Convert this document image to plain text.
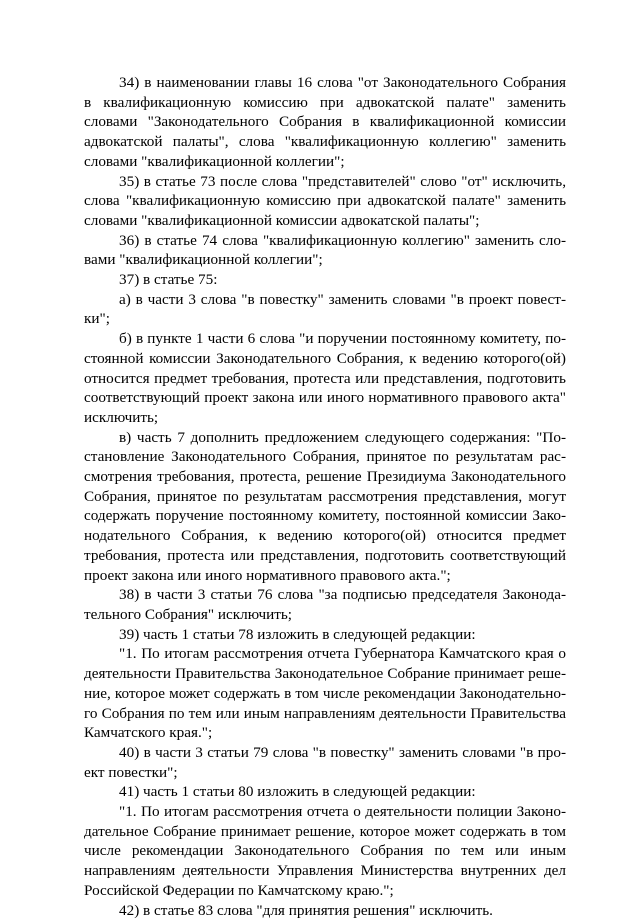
34) в наименовании главы 16 слова "от Законодательного Собрания в квалификационную комиссию при адвокатской палате" заменить словами "Законодательного Собрания в квалификационной комиссии адвокатской палаты", слова "квалификационную коллегию" заменить словами "квалификационной коллегии";

35) в статье 73 после слова "представителей" слово "от" исключить, слова "квалификационную комиссию при адвокатской палате" заменить словами "квалификационной комиссии адвокатской палаты";

36) в статье 74 слова "квалификационную коллегию" заменить словами "квалификационной коллегии";

37) в статье 75:

а) в части 3 слова "в повестку" заменить словами "в проект повестки";

б) в пункте 1 части 6 слова "и поручении постоянному комитету, постоянной комиссии Законодательного Собрания, к ведению которого(ой) относится предмет требования, протеста или представления, подготовить соответствующий проект закона или иного нормативного правового акта" исключить;

в) часть 7 дополнить предложением следующего содержания: "Постановление Законодательного Собрания, принятое по результатам рассмотрения требования, протеста, решение Президиума Законодательного Собрания, принятое по результатам рассмотрения представления, могут содержать поручение постоянному комитету, постоянной комиссии Законодательного Собрания, к ведению которого(ой) относится предмет требования, протеста или представления, подготовить соответствующий проект закона или иного нормативного правового акта.";

38) в части 3 статьи 76 слова "за подписью председателя Законодательного Собрания" исключить;

39) часть 1 статьи 78 изложить в следующей редакции:

"1. По итогам рассмотрения отчета Губернатора Камчатского края о деятельности Правительства Законодательное Собрание принимает решение, которое может содержать в том числе рекомендации Законодательного Собрания по тем или иным направлениям деятельности Правительства Камчатского края.";

40) в части 3 статьи 79 слова "в повестку" заменить словами "в проект повестки";

41) часть 1 статьи 80 изложить в следующей редакции:

"1. По итогам рассмотрения отчета о деятельности полиции Законодательное Собрание принимает решение, которое может содержать в том числе рекомендации Законодательного Собрания по тем или иным направлениям деятельности Управления Министерства внутренних дел Российской Федерации по Камчатскому краю.";

42) в статье 83 слова "для принятия решения" исключить.
